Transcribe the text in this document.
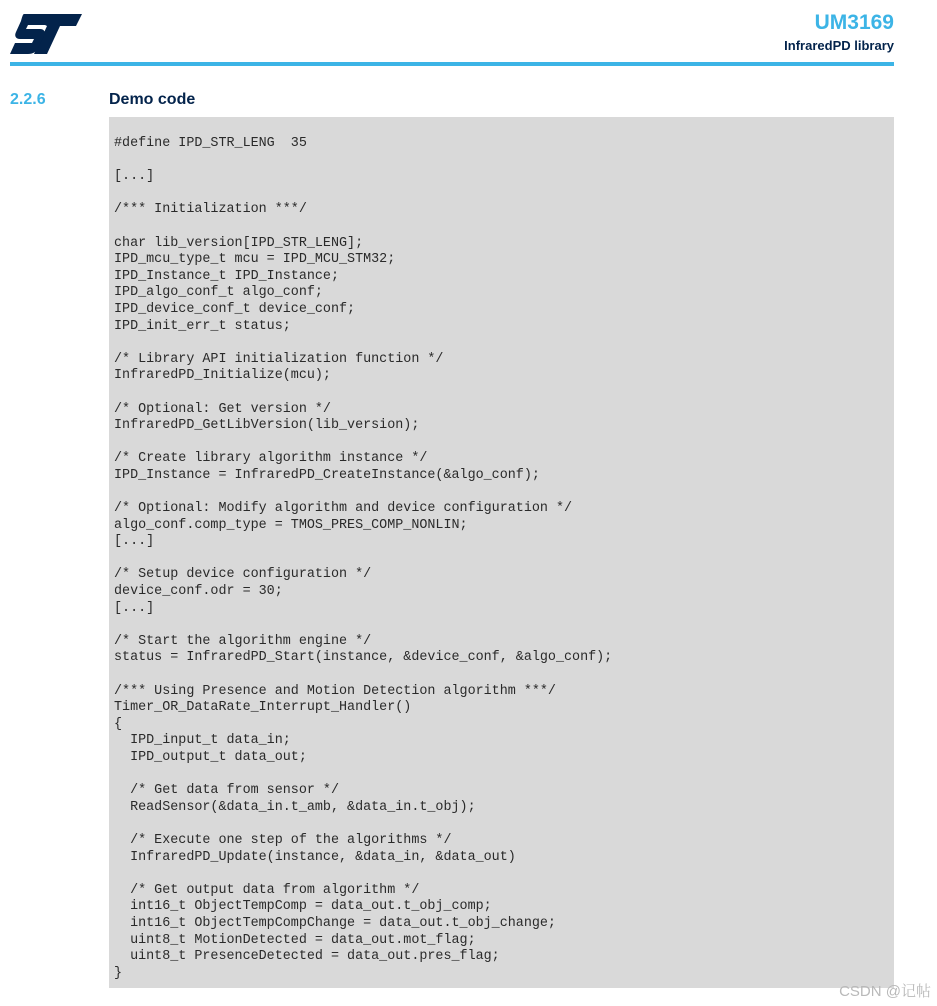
UM3169
InfraredPD library
2.2.6	Demo code
#define IPD_STR_LENG  35
[...]
/*** Initialization ***/
char lib_version[IPD_STR_LENG];
IPD_mcu_type_t mcu = IPD_MCU_STM32;
IPD_Instance_t IPD_Instance;
IPD_algo_conf_t algo_conf;
IPD_device_conf_t device_conf;
IPD_init_err_t status;
/* Library API initialization function */
InfraredPD_Initialize(mcu);
/* Optional: Get version */
InfraredPD_GetLibVersion(lib_version);
/* Create library algorithm instance */
IPD_Instance = InfraredPD_CreateInstance(&algo_conf);
/* Optional: Modify algorithm and device configuration */
algo_conf.comp_type = TMOS_PRES_COMP_NONLIN;
[...]
/* Setup device configuration */
device_conf.odr = 30;
[...]
/* Start the algorithm engine */
status = InfraredPD_Start(instance, &device_conf, &algo_conf);
/*** Using Presence and Motion Detection algorithm ***/
Timer_OR_DataRate_Interrupt_Handler()
{
IPD_input_t data_in;
IPD_output_t data_out;
/* Get data from sensor */
ReadSensor(&data_in.t_amb, &data_in.t_obj);
/* Execute one step of the algorithms */
InfraredPD_Update(instance, &data_in, &data_out)
/* Get output data from algorithm */
int16_t ObjectTempComp = data_out.t_obj_comp;
int16_t ObjectTempCompChange = data_out.t_obj_change;
uint8_t MotionDetected = data_out.mot_flag;
uint8_t PresenceDetected = data_out.pres_flag;
}
CSDN @记帖
